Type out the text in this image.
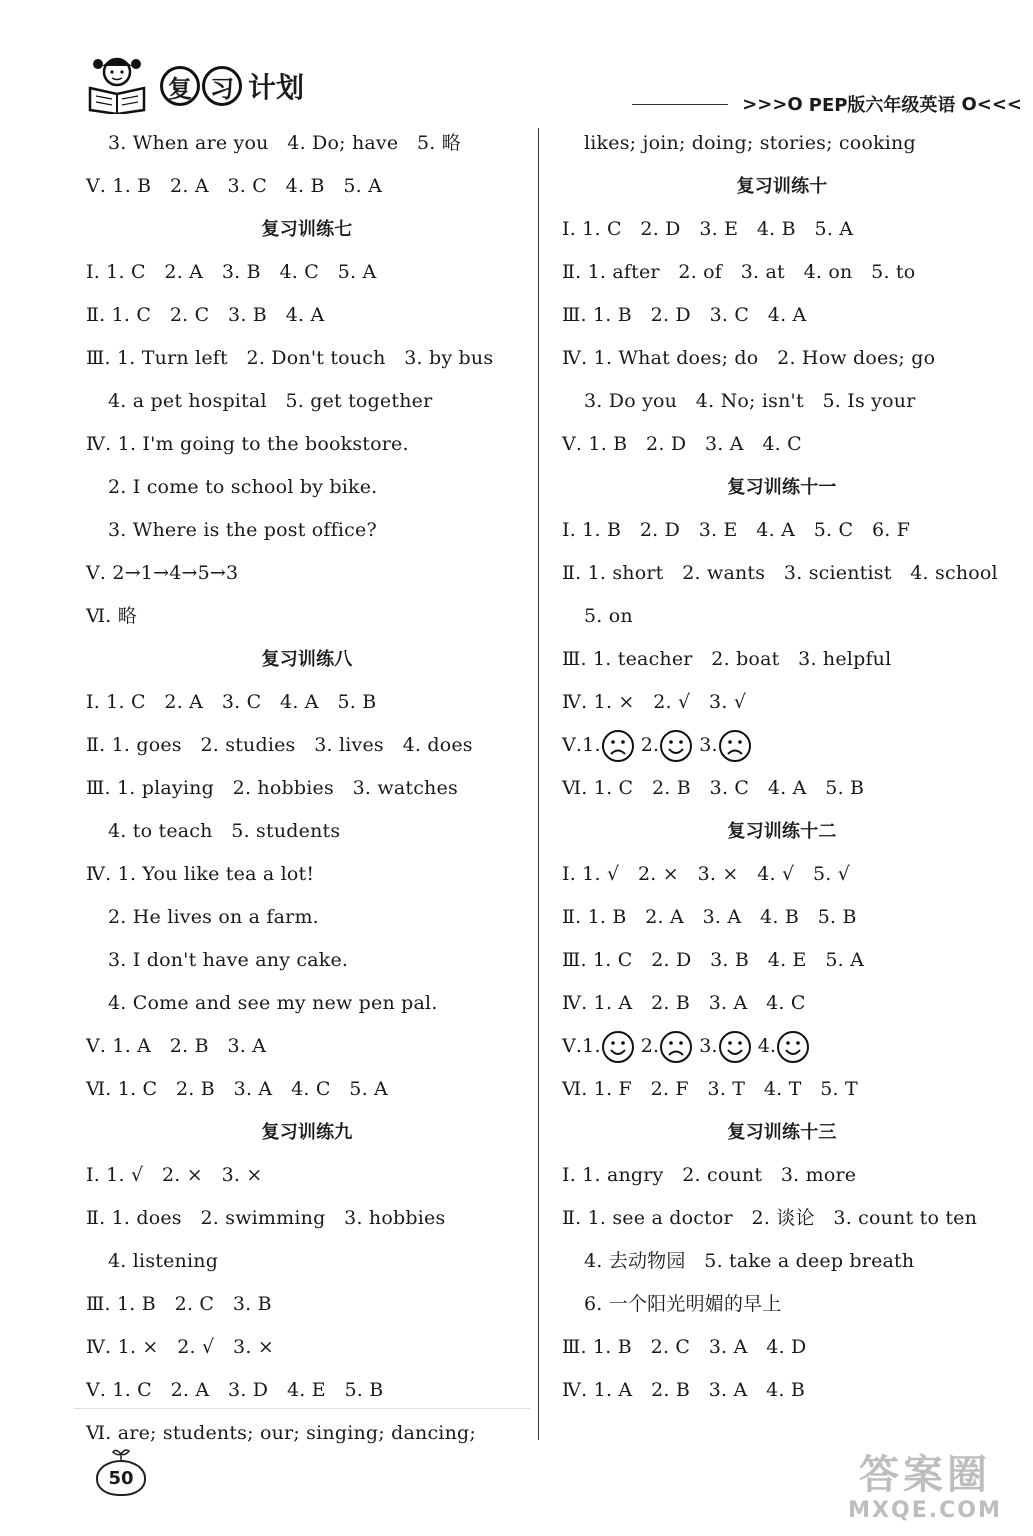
复 习 计划	>>>O PEP版六年级英语 O<<<
3. When are you   4. Do; have   5. 略
Ⅴ. 1. B   2. A   3. C   4. B   5. A
复习训练七
Ⅰ. 1. C   2. A   3. B   4. C   5. A
Ⅱ. 1. C   2. C   3. B   4. A
Ⅲ. 1. Turn left   2. Don't touch   3. by bus
4. a pet hospital   5. get together
Ⅳ. 1. I'm going to the bookstore.
2. I come to school by bike.
3. Where is the post office?
Ⅴ. 2→1→4→5→3
Ⅵ. 略
复习训练八
Ⅰ. 1. C   2. A   3. C   4. A   5. B
Ⅱ. 1. goes   2. studies   3. lives   4. does
Ⅲ. 1. playing   2. hobbies   3. watches
4. to teach   5. students
Ⅳ. 1. You like tea a lot!
2. He lives on a farm.
3. I don't have any cake.
4. Come and see my new pen pal.
Ⅴ. 1. A   2. B   3. A
Ⅵ. 1. C   2. B   3. A   4. C   5. A
复习训练九
Ⅰ. 1. √   2. ×   3. ×
Ⅱ. 1. does   2. swimming   3. hobbies
4. listening
Ⅲ. 1. B   2. C   3. B
Ⅳ. 1. ×   2. √   3. ×
Ⅴ. 1. C   2. A   3. D   4. E   5. B
Ⅵ. are; students; our; singing; dancing;
likes; join; doing; stories; cooking
复习训练十
Ⅰ. 1. C   2. D   3. E   4. B   5. A
Ⅱ. 1. after   2. of   3. at   4. on   5. to
Ⅲ. 1. B   2. D   3. C   4. A
Ⅳ. 1. What does; do   2. How does; go
3. Do you   4. No; isn't   5. Is your
Ⅴ. 1. B   2. D   3. A   4. C
复习训练十一
Ⅰ. 1. B   2. D   3. E   4. A   5. C   6. F
Ⅱ. 1. short   2. wants   3. scientist   4. school
5. on
Ⅲ. 1. teacher   2. boat   3. helpful
Ⅳ. 1. ×   2. √   3. √
Ⅴ. 1. 2. 3.
Ⅵ. 1. C   2. B   3. C   4. A   5. B
复习训练十二
Ⅰ. 1. √   2. ×   3. ×   4. √   5. √
Ⅱ. 1. B   2. A   3. A   4. B   5. B
Ⅲ. 1. C   2. D   3. B   4. E   5. A
Ⅳ. 1. A   2. B   3. A   4. C
Ⅴ. 1. 2. 3. 4.
Ⅵ. 1. F   2. F   3. T   4. T   5. T
复习训练十三
Ⅰ. 1. angry   2. count   3. more
Ⅱ. 1. see a doctor   2. 谈论   3. count to ten
4. 去动物园   5. take a deep breath
6. 一个阳光明媚的早上
Ⅲ. 1. B   2. C   3. A   4. D
Ⅳ. 1. A   2. B   3. A   4. B
50	答案圈
MXQE.COM
